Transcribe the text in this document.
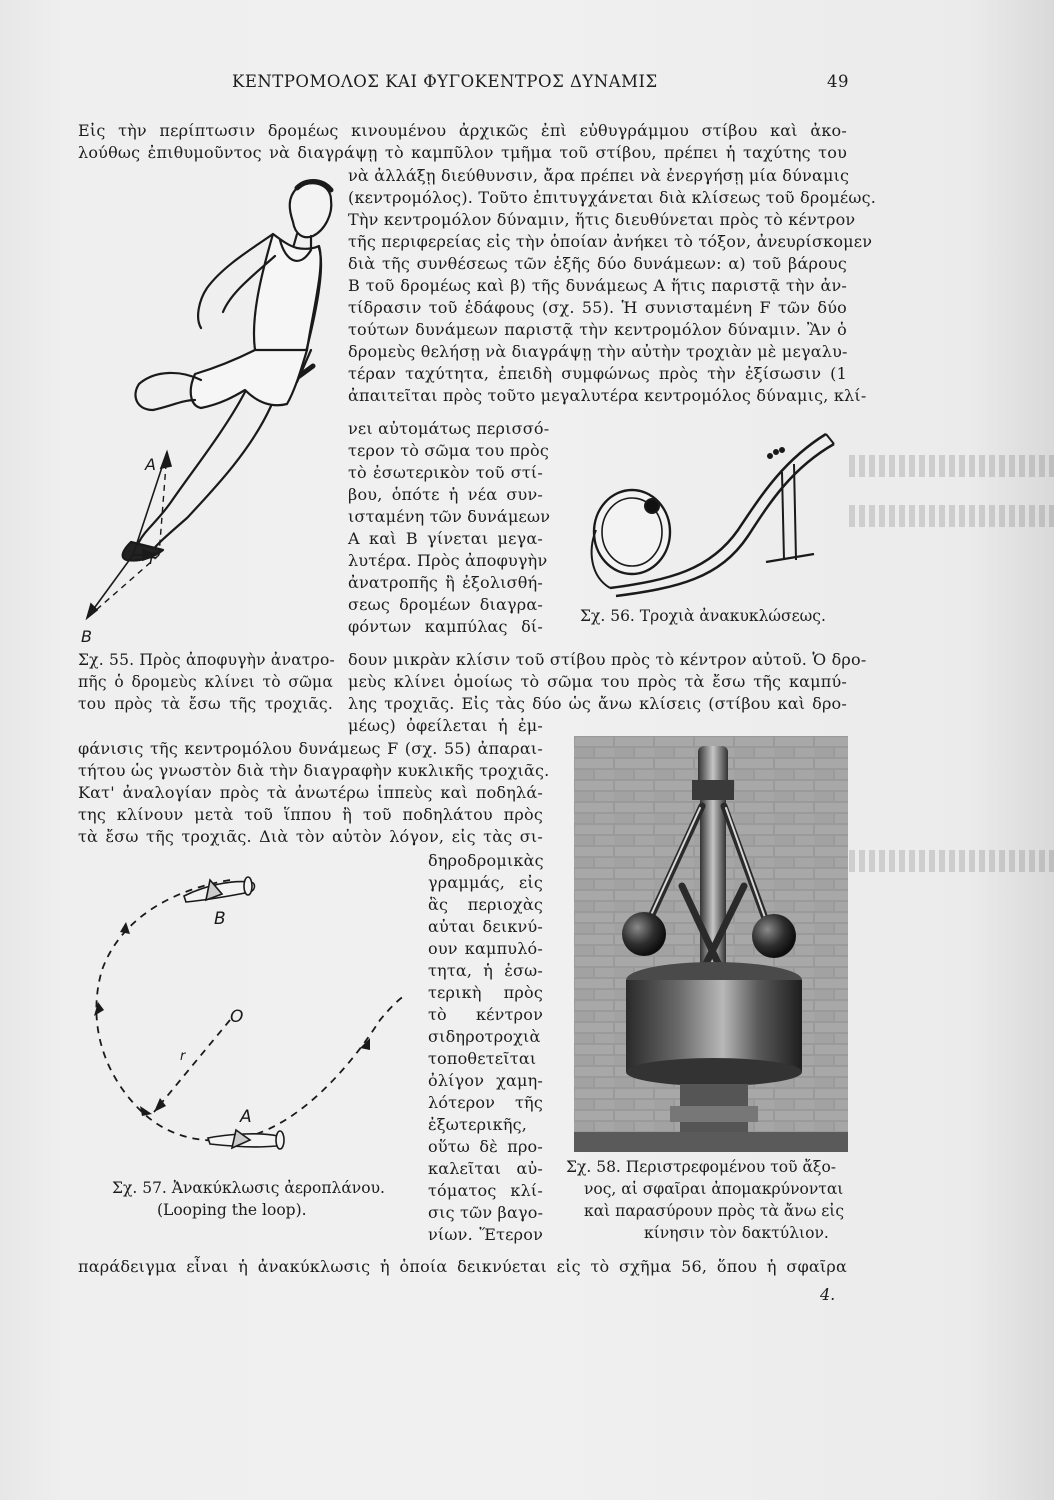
ΚΕΝΤΡΟΜΟΛΟΣ ΚΑΙ ΦΥΓΟΚΕΝΤΡΟΣ ΔΥΝΑΜΙΣ	49
Εἰς τὴν περίπτωσιν δρομέως κινουμένου ἀρχικῶς ἐπὶ εὐθυγράμμου στίβου καὶ ἀκο-
λούθως ἐπιθυμοῦντος νὰ διαγράψῃ τὸ καμπῦλον τμῆμα τοῦ στίβου, πρέπει ἡ ταχύτης του
νὰ ἀλλάξῃ διεύθυνσιν, ἄρα πρέπει νὰ ἐνεργήσῃ μία δύναμις
(κεντρομόλος). Τοῦτο ἐπιτυγχάνεται διὰ κλίσεως τοῦ δρομέως.
Τὴν κεντρομόλον δύναμιν, ἥτις διευθύνεται πρὸς τὸ κέντρον
τῆς περιφερείας εἰς τὴν ὁποίαν ἀνήκει τὸ τόξον, ἀνευρίσκομεν
διὰ τῆς συνθέσεως τῶν ἑξῆς δύο δυνάμεων: α) τοῦ βάρους
Β τοῦ δρομέως καὶ β) τῆς δυνάμεως Α ἥτις παριστᾷ τὴν ἀν-
τίδρασιν τοῦ ἐδάφους (σχ. 55). Ἡ συνισταμένη F τῶν δύο
τούτων δυνάμεων παριστᾷ τὴν κεντρομόλον δύναμιν. Ἂν ὁ
δρομεὺς θελήσῃ νὰ διαγράψῃ τὴν αὐτὴν τροχιὰν μὲ μεγαλυ-
τέραν ταχύτητα, ἐπειδὴ συμφώνως πρὸς τὴν ἐξίσωσιν (1
ἀπαιτεῖται πρὸς τοῦτο μεγαλυτέρα κεντρομόλος δύναμις, κλί-
νει αὐτομάτως περισσό-
τερον τὸ σῶμα του πρὸς
τὸ ἐσωτερικὸν τοῦ στί-
βου, ὁπότε ἡ νέα συν-
ισταμένη τῶν δυνάμεων
Α καὶ Β γίνεται μεγα-
λυτέρα. Πρὸς ἀποφυγὴν
ἀνατροπῆς ἢ ἐξολισθή-
σεως δρομέων διαγρα-
φόντων καμπύλας δί-
δουν μικρὰν κλίσιν τοῦ στίβου πρὸς τὸ κέντρον αὐτοῦ. Ὁ δρο-
μεὺς κλίνει ὁμοίως τὸ σῶμα του πρὸς τὰ ἔσω τῆς καμπύ-
λης τροχιᾶς. Εἰς τὰς δύο ὡς ἄνω κλίσεις (στίβου καὶ δρο-
μέως) ὀφείλεται ἡ ἐμ-
φάνισις τῆς κεντρομόλου δυνάμεως F (σχ. 55) ἀπαραι-
τήτου ὡς γνωστὸν διὰ τὴν διαγραφὴν κυκλικῆς τροχιᾶς.
Κατ' ἀναλογίαν πρὸς τὰ ἀνωτέρω ἱππεὺς καὶ ποδηλά-
της κλίνουν μετὰ τοῦ ἵππου ἢ τοῦ ποδηλάτου πρὸς
τὰ ἔσω τῆς τροχιᾶς. Διὰ τὸν αὐτὸν λόγον, εἰς τὰς σι-
δηροδρομικὰς
γραμμάς, εἰς
ἃς περιοχὰς
αὐται δεικνύ-
ουν καμπυλό-
τητα, ἡ ἐσω-
τερικὴ πρὸς
τὸ κέντρον
σιδηροτροχιὰ
τοποθετεῖται
ὀλίγον χαμη-
λότερον τῆς
ἐξωτερικῆς,
οὕτω δὲ προ-
καλεῖται αὐ-
τόματος κλί-
σις τῶν βαγο-
νίων. Ἕτερον
παράδειγμα εἶναι ἡ ἀνακύκλωσις ἡ ὁποία δεικνύεται εἰς τὸ σχῆμα 56, ὅπου ἡ σφαῖρα
4.
A
F
B
Σχ. 55. Πρὸς ἀποφυγὴν ἀνατρο-
πῆς ὁ δρομεὺς κλίνει τὸ σῶμα
του πρὸς τὰ ἔσω τῆς τροχιᾶς.
Σχ. 56. Τροχιὰ ἀνακυκλώσεως.
B
O
r
A
Σχ. 57. Ἀνακύκλωσις ἀεροπλάνου.
(Looping the loop).
Σχ. 58. Περιστρεφομένου τοῦ ἄξο-
νος, αἱ σφαῖραι ἀπομακρύνονται
καὶ παρασύρουν πρὸς τὰ ἄνω εἰς
κίνησιν τὸν δακτύλιον.
